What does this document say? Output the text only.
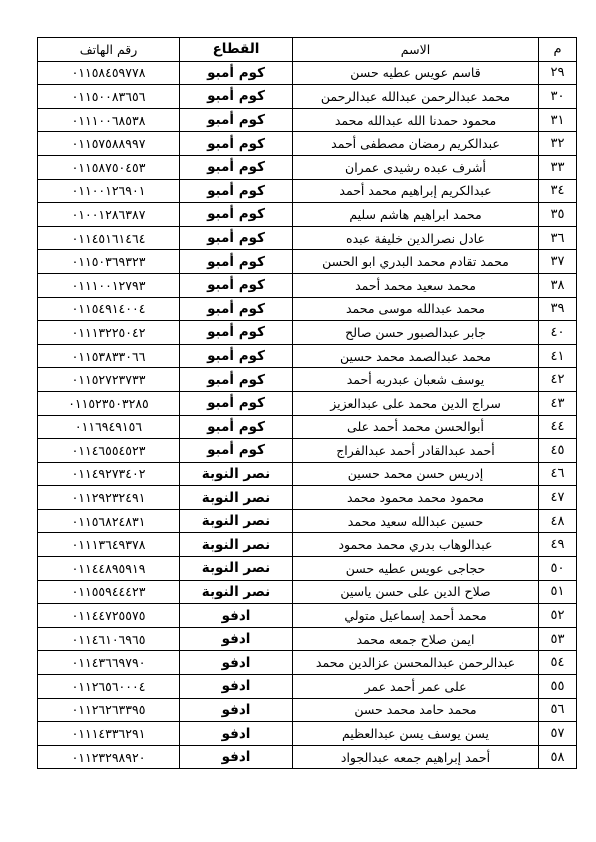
م	الاسم	القطاع	رقم الهاتف
٢٩	قاسم عويس عطيه حسن	كوم أمبو	٠١١٥٨٤٥٩٧٧٨
٣٠	محمد عبدالرحمن عبدالله عبدالرحمن	كوم أمبو	٠١١٥٠٠٨٣٦٥٦
٣١	محمود حمدنا الله عبدالله محمد	كوم أمبو	٠١١١٠٠٦٨٥٣٨
٣٢	عبدالكريم رمضان مصطفى أحمد	كوم أمبو	٠١١٥٧٥٨٨٩٩٧
٣٣	أشرف عبده رشيدى عمران	كوم أمبو	٠١١٥٨٧٥٠٤٥٣
٣٤	عبدالكريم إبراهيم محمد أحمد	كوم أمبو	٠١١٠٠١٢٦٩٠١
٣٥	محمد ابراهيم هاشم سليم	كوم أمبو	٠١٠٠١٢٨٦٣٨٧
٣٦	عادل نصرالدين خليفة عبده	كوم أمبو	٠١١٤٥١٦١٤٦٤
٣٧	محمد تقادم محمد البدري ابو الحسن	كوم أمبو	٠١١٥٠٣٦٩٣٢٣
٣٨	محمد سعيد محمد أحمد	كوم أمبو	٠١١١٠٠١٢٧٩٣
٣٩	محمد عبدالله موسى محمد	كوم أمبو	٠١١٥٤٩١٤٠٠٤
٤٠	جابر عبدالصبور حسن صالح	كوم أمبو	٠١١١٣٢٢٥٠٤٢
٤١	محمد عبدالصمد محمد حسين	كوم أمبو	٠١١٥٣٨٣٣٠٦٦
٤٢	يوسف شعبان عبدربه أحمد	كوم أمبو	٠١١٥٢٧٢٣٧٣٣
٤٣	سراج الدين محمد على عبدالعزيز	كوم أمبو	٠١١٥٢٣٥٠٣٢٨٥
٤٤	أبوالحسن محمد أحمد على	كوم أمبو	٠١١٦٩٤٩١٥٦
٤٥	أحمد عبدالقادر أحمد عبدالفراج	كوم أمبو	٠١١٤٦٥٥٤٥٢٣
٤٦	إدريس حسن محمد حسين	نصر النوبة	٠١١٤٩٢٧٣٤٠٢
٤٧	محمود محمد محمود محمد	نصر النوبة	٠١١٢٩٢٣٢٤٩١
٤٨	حسين عبدالله سعيد محمد	نصر النوبة	٠١١٥٦٨٢٤٨٣١
٤٩	عبدالوهاب بدري محمد محمود	نصر النوبة	٠١١١٣٦٤٩٣٧٨
٥٠	حجاجى عويس عطيه حسن	نصر النوبة	٠١١٤٤٨٩٥٩١٩
٥١	صلاح الدين على حسن ياسين	نصر النوبة	٠١١٥٥٩٤٤٤٢٣
٥٢	محمد أحمد إسماعيل متولي	ادفو	٠١١٤٤٧٢٥٥٧٥
٥٣	ايمن صلاح جمعه محمد	ادفو	٠١١٤٦١٠٦٩٦٥
٥٤	عبدالرحمن عبدالمحسن عزالدين محمد	ادفو	٠١١٤٣٦٦٩٧٩٠
٥٥	على عمر أحمد عمر	ادفو	٠١١٢٦٥٦٠٠٠٤
٥٦	محمد حامد محمد حسن	ادفو	٠١١٢٦٢٦٣٣٩٥
٥٧	يسن يوسف يسن عبدالعظيم	ادفو	٠١١١٤٣٣٦٢٩١
٥٨	أحمد إبراهيم جمعه عبدالجواد	ادفو	٠١١٢٣٢٩٨٩٢٠
